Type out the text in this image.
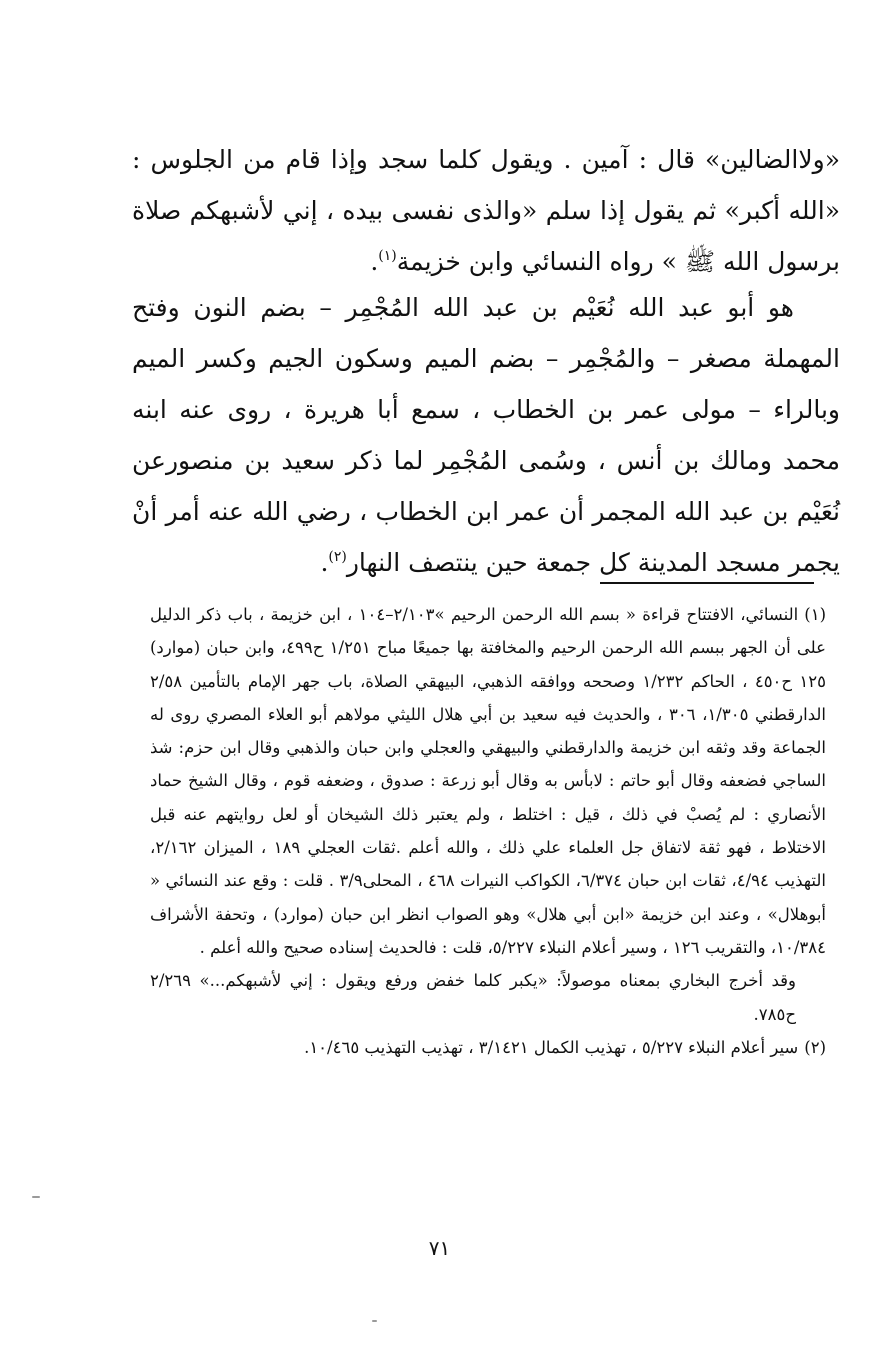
«ولاالضالين» قال : آمين . ويقول كلما سجد وإذا قام من الجلوس : «الله أكبر» ثم يقول إذا سلم «والذى نفسى بيده ، إني لأشبهكم صلاة برسول الله ﷺ » رواه النسائي وابن خزيمة$^{(١)}$.

هو أبو عبد الله نُعَيْم بن عبد الله المُجْمِر – بضم النون وفتح المهملة مصغر – والمُجْمِر – بضم الميم وسكون الجيم وكسر الميم وبالراء – مولى عمر بن الخطاب ، سمع أبا هريرة ، روى عنه ابنه محمد ومالك بن أنس ، وسُمى المُجْمِر لما ذكر سعيد بن منصورعن نُعَيْم بن عبد الله المجمر أن عمر ابن الخطاب ، رضي الله عنه أمر أنْ يجمر مسجد المدينة كل جمعة حين ينتصف النهار$^{(٢)}$.

(١)النسائي، الافتتاح قراءة « بسم الله الرحمن الرحيم »٢/١٠٣–١٠٤ ، ابن خزيمة ، باب ذكر الدليل على أن الجهر ببسم الله الرحمن الرحيم والمخافتة بها جميعًا مباح ١/٢٥١ ح٤٩٩، وابن حبان (موارد) ١٢٥ ح٤٥٠ ، الحاكم ١/٢٣٢ وصححه ووافقه الذهبي، البيهقي الصلاة، باب جهر الإمام بالتأمين ٢/٥٨ الدارقطني ١/٣٠٥، ٣٠٦ ، والحديث فيه سعيد بن أبي هلال الليثي مولاهم أبو العلاء المصري روى له الجماعة وقد وثقه ابن خزيمة والدارقطني والبيهقي والعجلي وابن حبان والذهبي وقال ابن حزم: شذ الساجي فضعفه وقال أبو حاتم : لابأس به وقال أبو زرعة : صدوق ، وضعفه قوم ، وقال الشيخ حماد الأنصاري : لم يُصبْ في ذلك ، قيل : اختلط ، ولم يعتبر ذلك الشيخان أو لعل روايتهم عنه قبل الاختلاط ، فهو ثقة لاتفاق جل العلماء علي ذلك ، والله أعلم .ثقات العجلي ١٨٩ ، الميزان ٢/١٦٢، التهذيب ٤/٩٤، ثقات ابن حبان ٦/٣٧٤، الكواكب النيرات ٤٦٨ ، المحلى٣/٩ . قلت : وقع عند النسائي « أبوهلال» ، وعند ابن خزيمة «ابن أبي هلال» وهو الصواب انظر ابن حبان (موارد) ، وتحفة الأشراف ١٠/٣٨٤، والتقريب ١٢٦ ، وسير أعلام النبلاء ٥/٢٢٧، قلت : فالحديث إسناده صحيح والله أعلم .

وقد أخرج البخاري بمعناه موصولاً: «يكبر كلما خفض ورفع ويقول : إني لأشبهكم...» ٢/٢٦٩ ح٧٨٥.

(٢)سير أعلام النبلاء ٥/٢٢٧ ، تهذيب الكمال ٣/١٤٢١ ، تهذيب التهذيب ١٠/٤٦٥.

٧١
